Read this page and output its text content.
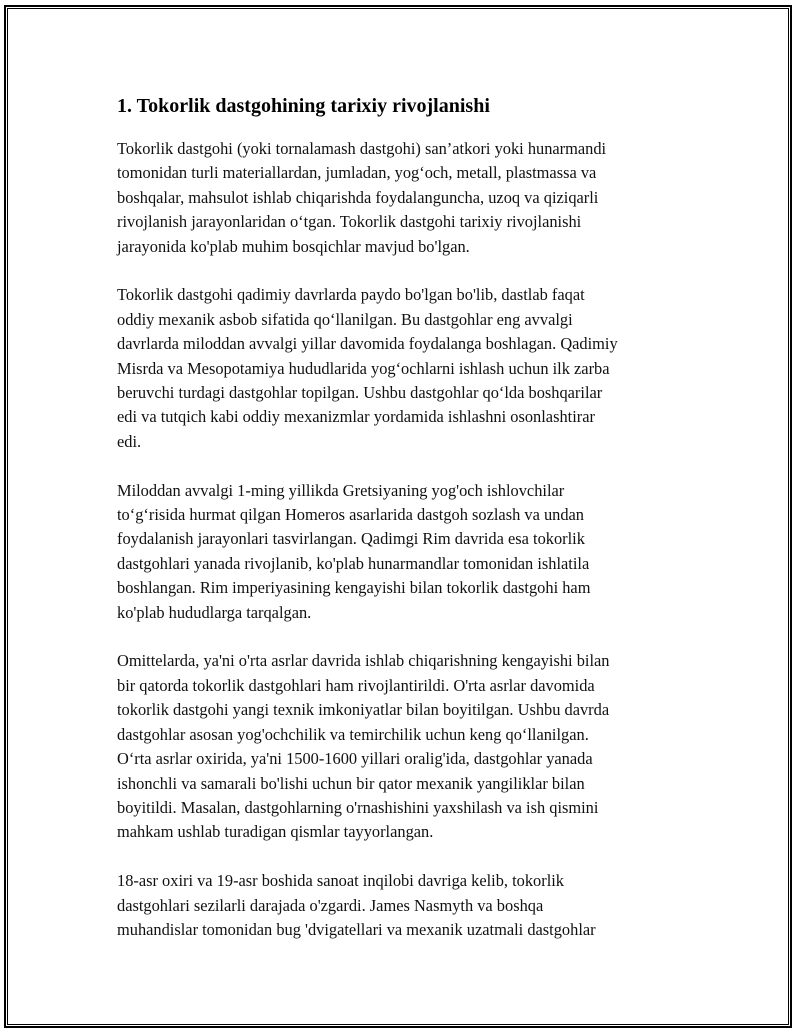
1. Tokorlik dastgohining tarixiy rivojlanishi

Tokorlik dastgohi (yoki tornalamash dastgohi) san’atkori yoki hunarmandi
tomonidan turli materiallardan, jumladan, yog‘och, metall, plastmassa va
boshqalar, mahsulot ishlab chiqarishda foydalanguncha, uzoq va qiziqarli
rivojlanish jarayonlaridan o‘tgan. Tokorlik dastgohi tarixiy rivojlanishi
jarayonida ko'plab muhim bosqichlar mavjud bo'lgan.

Tokorlik dastgohi qadimiy davrlarda paydo bo'lgan bo'lib, dastlab faqat
oddiy mexanik asbob sifatida qo‘llanilgan. Bu dastgohlar eng avvalgi
davrlarda miloddan avvalgi yillar davomida foydalanga boshlagan. Qadimiy
Misrda va Mesopotamiya hududlarida yog‘ochlarni ishlash uchun ilk zarba
beruvchi turdagi dastgohlar topilgan. Ushbu dastgohlar qo‘lda boshqarilar
edi va tutqich kabi oddiy mexanizmlar yordamida ishlashni osonlashtirar
edi.

Miloddan avvalgi 1-ming yillikda Gretsiyaning yog'och ishlovchilar
to‘g‘risida hurmat qilgan Homeros asarlarida dastgoh sozlash va undan
foydalanish jarayonlari tasvirlangan. Qadimgi Rim davrida esa tokorlik
dastgohlari yanada rivojlanib, ko'plab hunarmandlar tomonidan ishlatila
boshlangan. Rim imperiyasining kengayishi bilan tokorlik dastgohi ham
ko'plab hududlarga tarqalgan.

Omittelarda, ya'ni o'rta asrlar davrida ishlab chiqarishning kengayishi bilan
bir qatorda tokorlik dastgohlari ham rivojlantirildi. O'rta asrlar davomida
tokorlik dastgohi yangi texnik imkoniyatlar bilan boyitilgan. Ushbu davrda
dastgohlar asosan yog'ochchilik va temirchilik uchun keng qo‘llanilgan.
O‘rta asrlar oxirida, ya'ni 1500-1600 yillari oralig'ida, dastgohlar yanada
ishonchli va samarali bo'lishi uchun bir qator mexanik yangiliklar bilan
boyitildi. Masalan, dastgohlarning o'rnashishini yaxshilash va ish qismini
mahkam ushlab turadigan qismlar tayyorlangan.

18-asr oxiri va 19-asr boshida sanoat inqilobi davriga kelib, tokorlik
dastgohlari sezilarli darajada o'zgardi. James Nasmyth va boshqa
muhandislar tomonidan bug 'dvigatellari va mexanik uzatmali dastgohlar
